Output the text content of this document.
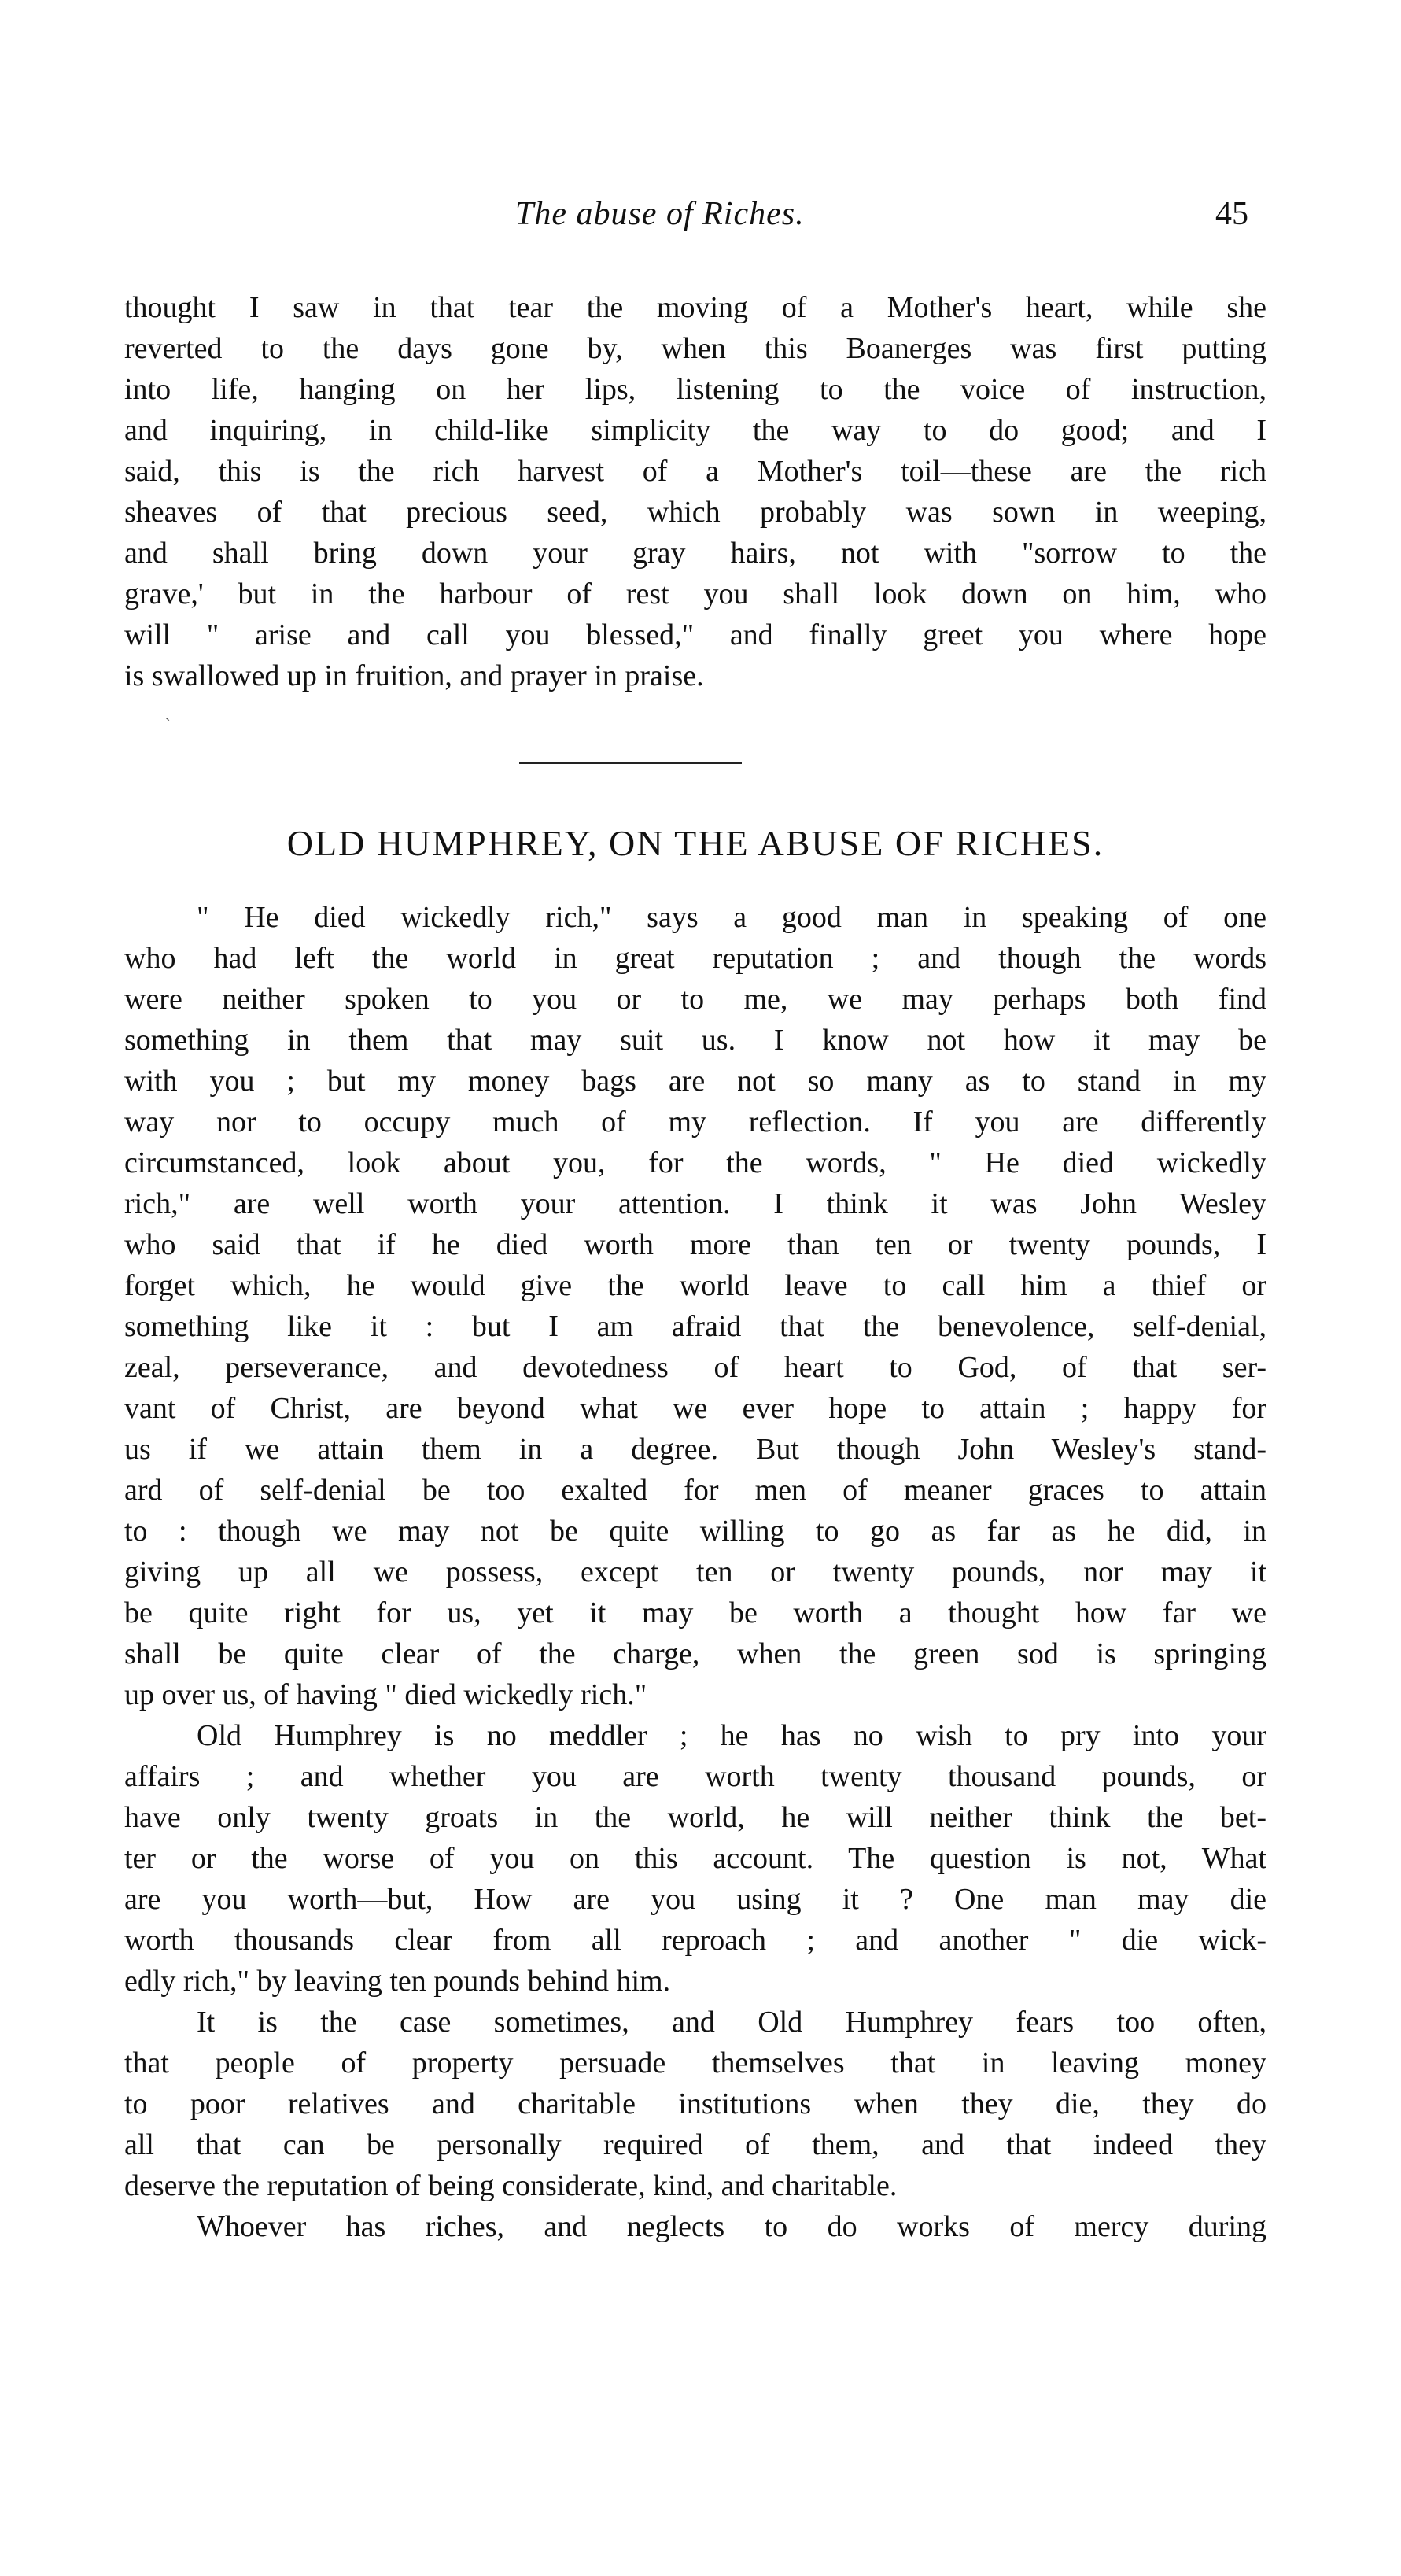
The abuse of Riches.	45
thought I saw in that tear the moving of a Mother's heart, while she
reverted to the days gone by, when this Boanerges was first putting
into life, hanging on her lips, listening to the voice of instruction,
and inquiring, in child-like simplicity the way to do good; and I
said, this is the rich harvest of a Mother's toil—these are the rich
sheaves of that precious seed, which probably was sown in weeping,
and shall bring down your gray hairs, not with "sorrow to the
grave,' but in the harbour of rest you shall look down on him, who
will " arise and call you blessed," and finally greet you where hope
is swallowed up in fruition, and prayer in praise.
`
OLD HUMPHREY, ON THE ABUSE OF RICHES.
" He died wickedly rich," says a good man in speaking of one
who had left the world in great reputation ; and though the words
were neither spoken to you or to me, we may perhaps both find
something in them that may suit us. I know not how it may be
with you ; but my money bags are not so many as to stand in my
way nor to occupy much of my reflection. If you are differently
circumstanced, look about you, for the words, " He died wickedly
rich," are well worth your attention. I think it was John Wesley
who said that if he died worth more than ten or twenty pounds, I
forget which, he would give the world leave to call him a thief or
something like it : but I am afraid that the benevolence, self-denial,
zeal, perseverance, and devotedness of heart to God, of that ser-
vant of Christ, are beyond what we ever hope to attain ; happy for
us if we attain them in a degree. But though John Wesley's stand-
ard of self-denial be too exalted for men of meaner graces to attain
to : though we may not be quite willing to go as far as he did, in
giving up all we possess, except ten or twenty pounds, nor may it
be quite right for us, yet it may be worth a thought how far we
shall be quite clear of the charge, when the green sod is springing
up over us, of having " died wickedly rich."
Old Humphrey is no meddler ; he has no wish to pry into your
affairs ; and whether you are worth twenty thousand pounds, or
have only twenty groats in the world, he will neither think the bet-
ter or the worse of you on this account. The question is not, What
are you worth—but, How are you using it ? One man may die
worth thousands clear from all reproach ; and another " die wick-
edly rich," by leaving ten pounds behind him.
It is the case sometimes, and Old Humphrey fears too often,
that people of property persuade themselves that in leaving money
to poor relatives and charitable institutions when they die, they do
all that can be personally required of them, and that indeed they
deserve the reputation of being considerate, kind, and charitable.
Whoever has riches, and neglects to do works of mercy during
